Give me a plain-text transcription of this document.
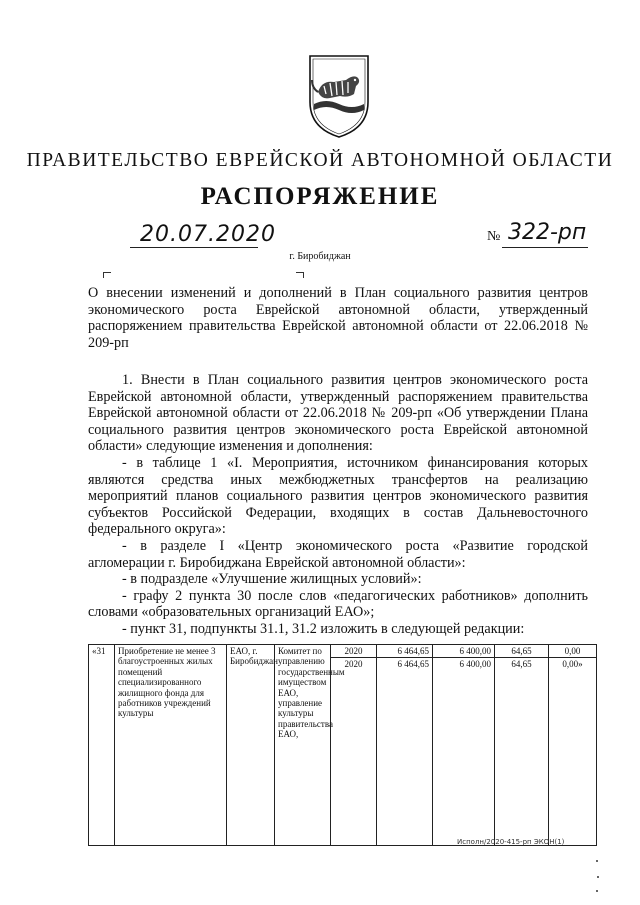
ПРАВИТЕЛЬСТВО ЕВРЕЙСКОЙ АВТОНОМНОЙ ОБЛАСТИ
РАСПОРЯЖЕНИЕ
20.07.2020	№ 322-рп
г. Биробиджан
О внесении изменений и дополнений в План социального развития центров экономического роста Еврейской автономной области, утвержденный распоряжением правительства Еврейской автономной области от 22.06.2018 № 209-рп

1. Внести в План социального развития центров экономического роста Еврейской автономной области, утвержденный распоряжением правительства Еврейской автономной области от 22.06.2018 № 209-рп «Об утверждении Плана социального развития центров экономического роста Еврейской автономной области» следующие изменения и дополнения:

- в таблице 1 «I. Мероприятия, источником финансирования которых являются средства иных межбюджетных трансфертов на реализацию мероприятий планов социального развития центров экономического развития субъектов Российской Федерации, входящих в состав Дальневосточного федерального округа»:

- в разделе I «Центр экономического роста «Развитие городской агломерации г. Биробиджана Еврейской автономной области»:

- в подразделе «Улучшение жилищных условий»:

- графу 2 пункта 30 после слов «педагогических работников» дополнить словами «образовательных организаций ЕАО»;

- пункт 31, подпункты 31.1, 31.2 изложить в следующей редакции:

«31	Приобретение не менее 3 благоустроенных жилых помещений специализированного жилищного фонда для работников учреждений культуры	ЕАО, г. Биробиджан	Комитет по управлению государственным имуществом ЕАО, управление культуры правительства ЕАО,	2020	6 464,65	6 400,00	64,65	0,00
				2020	6 464,65	6 400,00	64,65	0,00»
Исполн/2020-415-рп ЭКОН(1)
